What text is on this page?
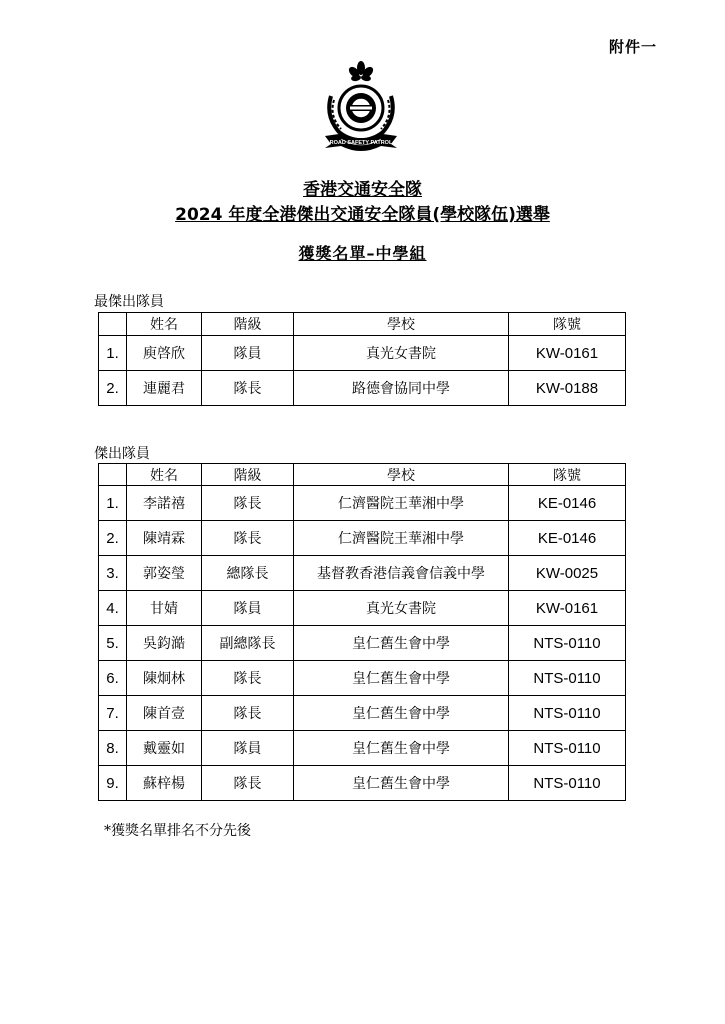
附件一
ROAD SAFETY PATROL
香港交通安全隊
2024 年度全港傑出交通安全隊員(學校隊伍)選舉
獲獎名單–中學組
最傑出隊員
	姓名	階級	學校	隊號
1.	庾啓欣	隊員	真光女書院	KW-0161
2.	連麗君	隊長	路德會協同中學	KW-0188
傑出隊員
	姓名	階級	學校	隊號
1.	李諾禧	隊長	仁濟醫院王華湘中學	KE-0146
2.	陳靖霖	隊長	仁濟醫院王華湘中學	KE-0146
3.	郭姿瑩	總隊長	基督教香港信義會信義中學	KW-0025
4.	甘婧	隊員	真光女書院	KW-0161
5.	吳鈞澔	副總隊長	皇仁舊生會中學	NTS-0110
6.	陳炯林	隊長	皇仁舊生會中學	NTS-0110
7.	陳首壹	隊長	皇仁舊生會中學	NTS-0110
8.	戴靈如	隊員	皇仁舊生會中學	NTS-0110
9.	蘇梓楊	隊長	皇仁舊生會中學	NTS-0110
*獲獎名單排名不分先後
